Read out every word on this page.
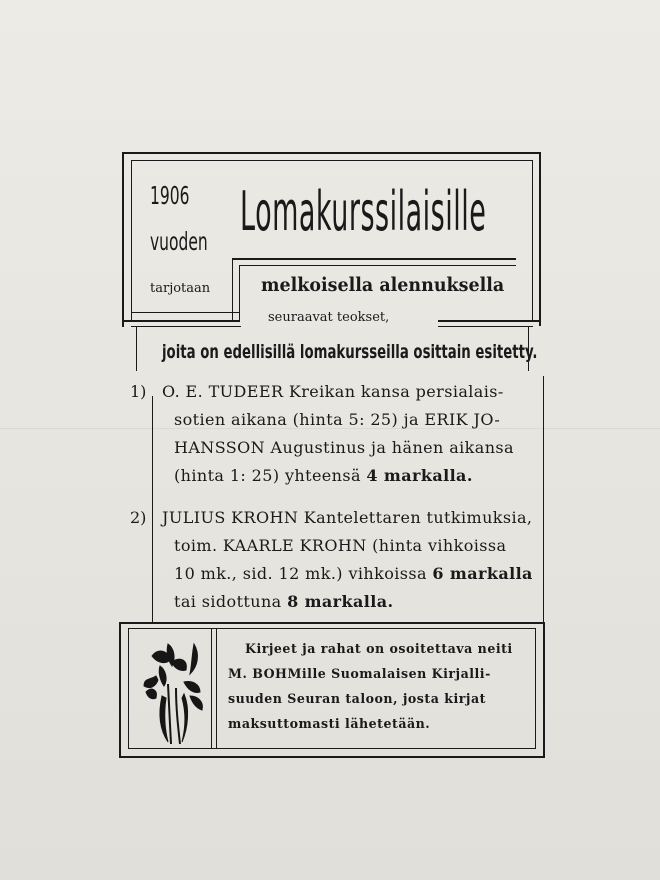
1906
vuoden Lomakurssilaisille
tarjotaan	melkoisella alennuksella
seuraavat teokset,
joita on edellisillä lomakursseilla osittain esitetty.
1) O. E. TUDEER Kreikan kansa persialais-
sotien aikana (hinta 5: 25) ja ERIK JO-
HANSSON Augustinus ja hänen aikansa
(hinta 1: 25) yhteensä 4 markalla.
2) JULIUS KROHN Kantelettaren tutkimuksia,
toim. KAARLE KROHN (hinta vihkoissa
10 mk., sid. 12 mk.) vihkoissa 6 markalla
tai sidottuna 8 markalla.
Kirjeet ja rahat on osoitettava neiti
M. BOHMille Suomalaisen Kirjalli-
suuden Seuran taloon, josta kirjat
maksuttomasti lähetetään.
